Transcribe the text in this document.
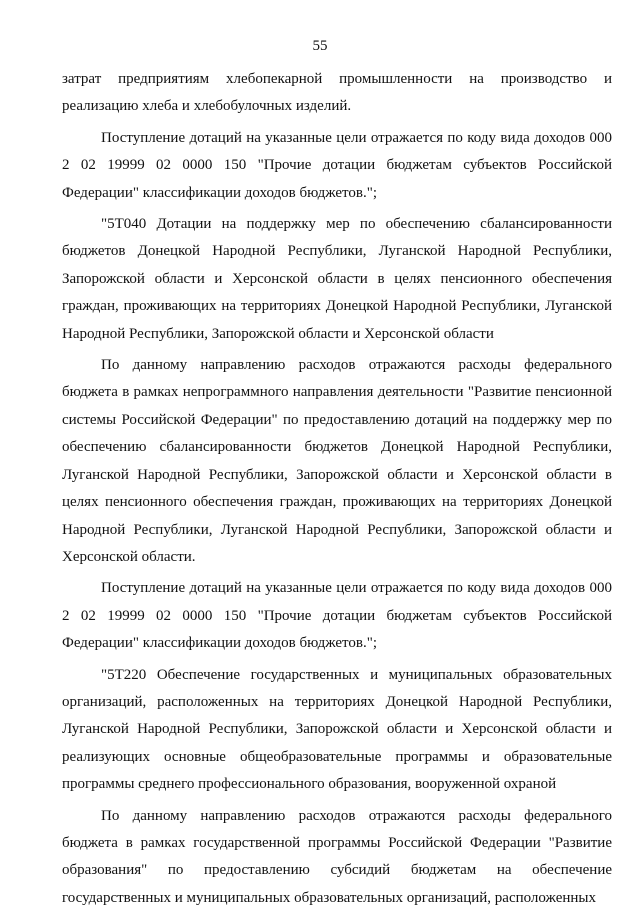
55

затрат предприятиям хлебопекарной промышленности на производство и реализацию хлеба и хлебобулочных изделий.

Поступление дотаций на указанные цели отражается по коду вида доходов 000 2 02 19999 02 0000 150 "Прочие дотации бюджетам субъектов Российской Федерации" классификации доходов бюджетов.";

"5Т040 Дотации на поддержку мер по обеспечению сбалансированности бюджетов Донецкой Народной Республики, Луганской Народной Республики, Запорожской области и Херсонской области в целях пенсионного обеспечения граждан, проживающих на территориях Донецкой Народной Республики, Луганской Народной Республики, Запорожской области и Херсонской области

По данному направлению расходов отражаются расходы федерального бюджета в рамках непрограммного направления деятельности "Развитие пенсионной системы Российской Федерации" по предоставлению дотаций на поддержку мер по обеспечению сбалансированности бюджетов Донецкой Народной Республики, Луганской Народной Республики, Запорожской области и Херсонской области в целях пенсионного обеспечения граждан, проживающих на территориях Донецкой Народной Республики, Луганской Народной Республики, Запорожской области и Херсонской области.

Поступление дотаций на указанные цели отражается по коду вида доходов 000 2 02 19999 02 0000 150 "Прочие дотации бюджетам субъектов Российской Федерации" классификации доходов бюджетов.";

"5Т220 Обеспечение государственных и муниципальных образовательных организаций, расположенных на территориях Донецкой Народной Республики, Луганской Народной Республики, Запорожской области и Херсонской области и реализующих основные общеобразовательные программы и образовательные программы среднего профессионального образования, вооруженной охраной

По данному направлению расходов отражаются расходы федерального бюджета в рамках государственной программы Российской Федерации "Развитие образования" по предоставлению субсидий бюджетам на обеспечение государственных и муниципальных образовательных организаций, расположенных
